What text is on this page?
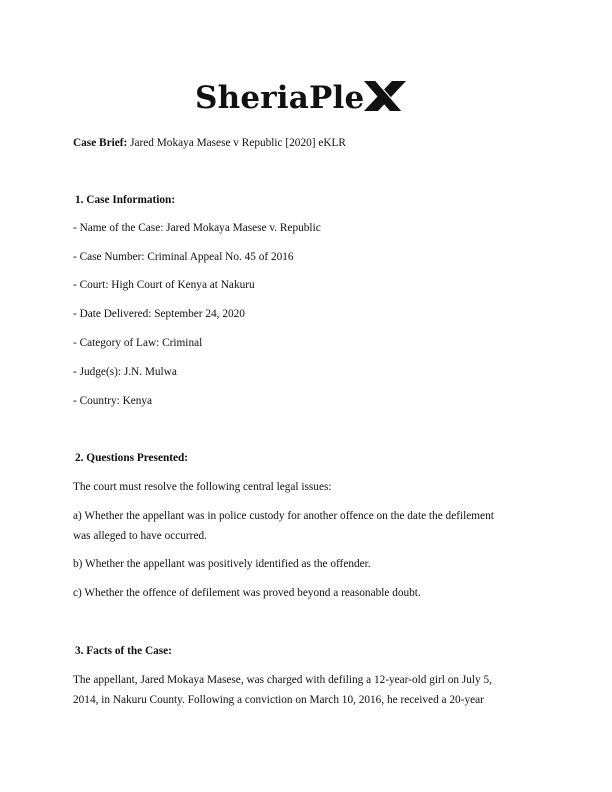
SheriaPle
Case Brief: Jared Mokaya Masese v Republic [2020] eKLR
1. Case Information:
- Name of the Case: Jared Mokaya Masese v. Republic
- Case Number: Criminal Appeal No. 45 of 2016
- Court: High Court of Kenya at Nakuru
- Date Delivered: September 24, 2020
- Category of Law: Criminal
- Judge(s): J.N. Mulwa
- Country: Kenya
2. Questions Presented:
The court must resolve the following central legal issues:
a) Whether the appellant was in police custody for another offence on the date the defilement
was alleged to have occurred.
b) Whether the appellant was positively identified as the offender.
c) Whether the offence of defilement was proved beyond a reasonable doubt.
3. Facts of the Case:
The appellant, Jared Mokaya Masese, was charged with defiling a 12-year-old girl on July 5,
2014, in Nakuru County. Following a conviction on March 10, 2016, he received a 20-year
